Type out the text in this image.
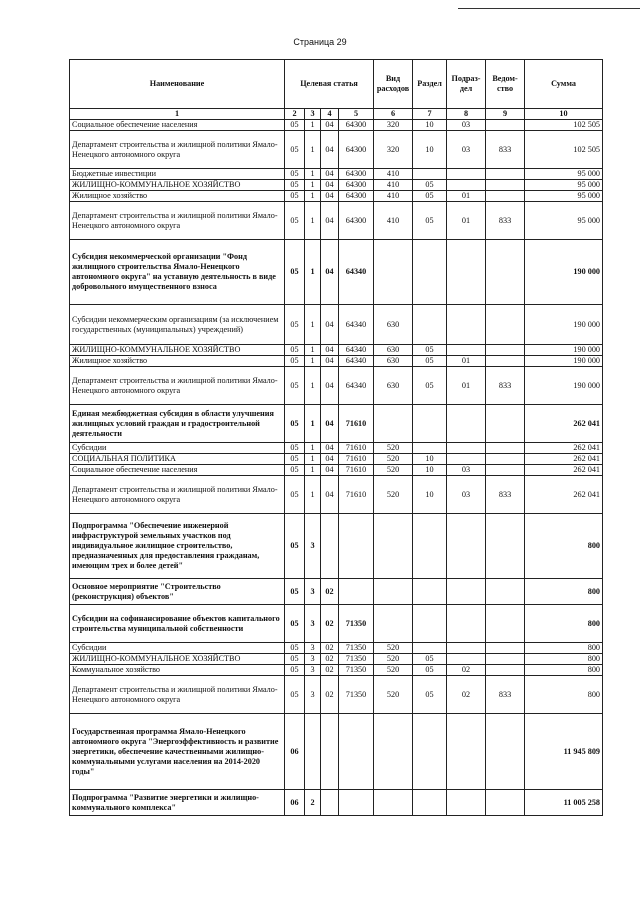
Страница 29
Наименование	Целевая статья				Вид расходов	Раздел	Подраз-дел	Ведом-ство	Сумма
1	2	3	4	5	6	7	8	9	10
Социальное обеспечение населения	05	1	04	64300	320	10	03		102 505
Департамент строительства и жилищной политики Ямало-Ненецкого автономного округа	05	1	04	64300	320	10	03	833	102 505
Бюджетные инвестиции	05	1	04	64300	410				95 000
ЖИЛИЩНО-КОММУНАЛЬНОЕ ХОЗЯЙСТВО	05	1	04	64300	410	05			95 000
Жилищное хозяйство	05	1	04	64300	410	05	01		95 000
Департамент строительства и жилищной политики Ямало-Ненецкого автономного округа	05	1	04	64300	410	05	01	833	95 000
Субсидия некоммерческой организации "Фонд жилищного строительства Ямало-Ненецкого автономного округа" на уставную деятельность в виде добровольного имущественного взноса	05	1	04	64340					190 000
Субсидии некоммерческим организациям (за исключением государственных (муниципальных) учреждений)	05	1	04	64340	630				190 000
ЖИЛИЩНО-КОММУНАЛЬНОЕ ХОЗЯЙСТВО	05	1	04	64340	630	05			190 000
Жилищное хозяйство	05	1	04	64340	630	05	01		190 000
Департамент строительства и жилищной политики Ямало-Ненецкого автономного округа	05	1	04	64340	630	05	01	833	190 000
Единая межбюджетная субсидия в области улучшения жилищных условий граждан и градостроительной деятельности	05	1	04	71610					262 041
Субсидии	05	1	04	71610	520				262 041
СОЦИАЛЬНАЯ ПОЛИТИКА	05	1	04	71610	520	10			262 041
Социальное обеспечение населения	05	1	04	71610	520	10	03		262 041
Департамент строительства и жилищной политики Ямало-Ненецкого автономного округа	05	1	04	71610	520	10	03	833	262 041
Подпрограмма "Обеспечение инженерной инфраструктурой земельных участков под индивидуальное жилищное строительство, предназначенных для предоставления гражданам, имеющим трех и более детей"	05	3							800
Основное мероприятие "Строительство (реконструкция) объектов"	05	3	02						800
Субсидии на софинансирование объектов капитального строительства муниципальной собственности	05	3	02	71350					800
Субсидии	05	3	02	71350	520				800
ЖИЛИЩНО-КОММУНАЛЬНОЕ ХОЗЯЙСТВО	05	3	02	71350	520	05			800
Коммунальное хозяйство	05	3	02	71350	520	05	02		800
Департамент строительства и жилищной политики Ямало-Ненецкого автономного округа	05	3	02	71350	520	05	02	833	800
Государственная программа Ямало-Ненецкого автономного округа "Энергоэффективность и развитие энергетики, обеспечение качественными жилищно-коммунальными услугами населения на 2014-2020 годы"	06								11 945 809
Подпрограмма "Развитие энергетики и жилищно-коммунального комплекса"	06	2							11 005 258
